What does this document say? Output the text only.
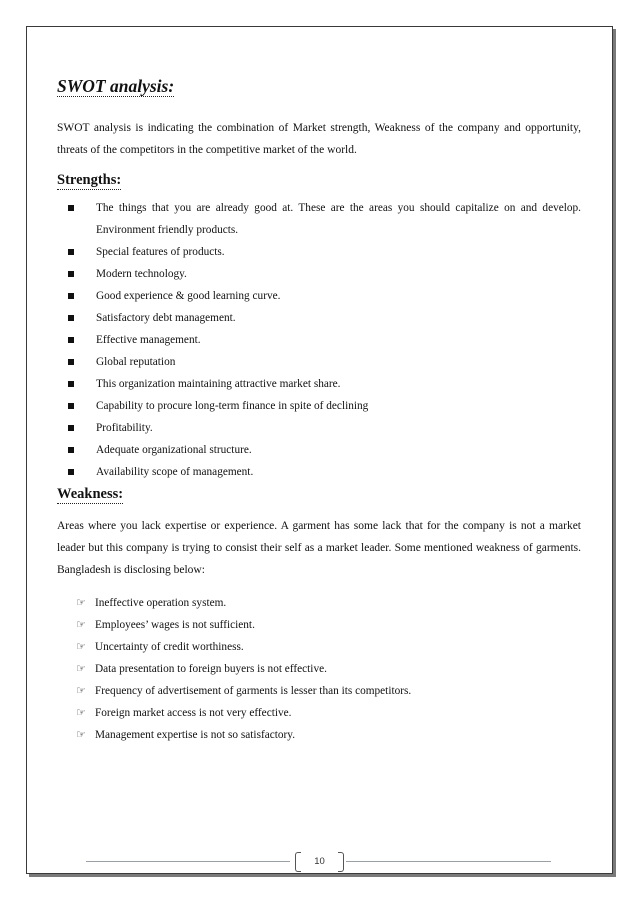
SWOT analysis:

SWOT analysis is indicating the combination of Market strength, Weakness of the company and opportunity, threats of the competitors in the competitive market of the world.

Strengths:
The things that you are already good at. These are the areas you should capitalize on and develop. Environment friendly products.
Special features of products.
Modern technology.
Good experience & good learning curve.
Satisfactory debt management.
Effective management.
Global reputation
This organization maintaining attractive market share.
Capability to procure long-term finance in spite of declining
Profitability.
Adequate organizational structure.
Availability scope of management.
Weakness:

Areas where you lack expertise or experience. A garment has some lack that for the company is not a market leader but this company is trying to consist their self as a market leader. Some mentioned weakness of garments. Bangladesh is disclosing below:

☞ Ineffective operation system.
☞ Employees’ wages is not sufficient.
☞ Uncertainty of credit worthiness.
☞ Data presentation to foreign buyers is not effective.
☞ Frequency of advertisement of garments is lesser than its competitors.
☞ Foreign market access is not very effective.
☞ Management expertise is not so satisfactory.
10
